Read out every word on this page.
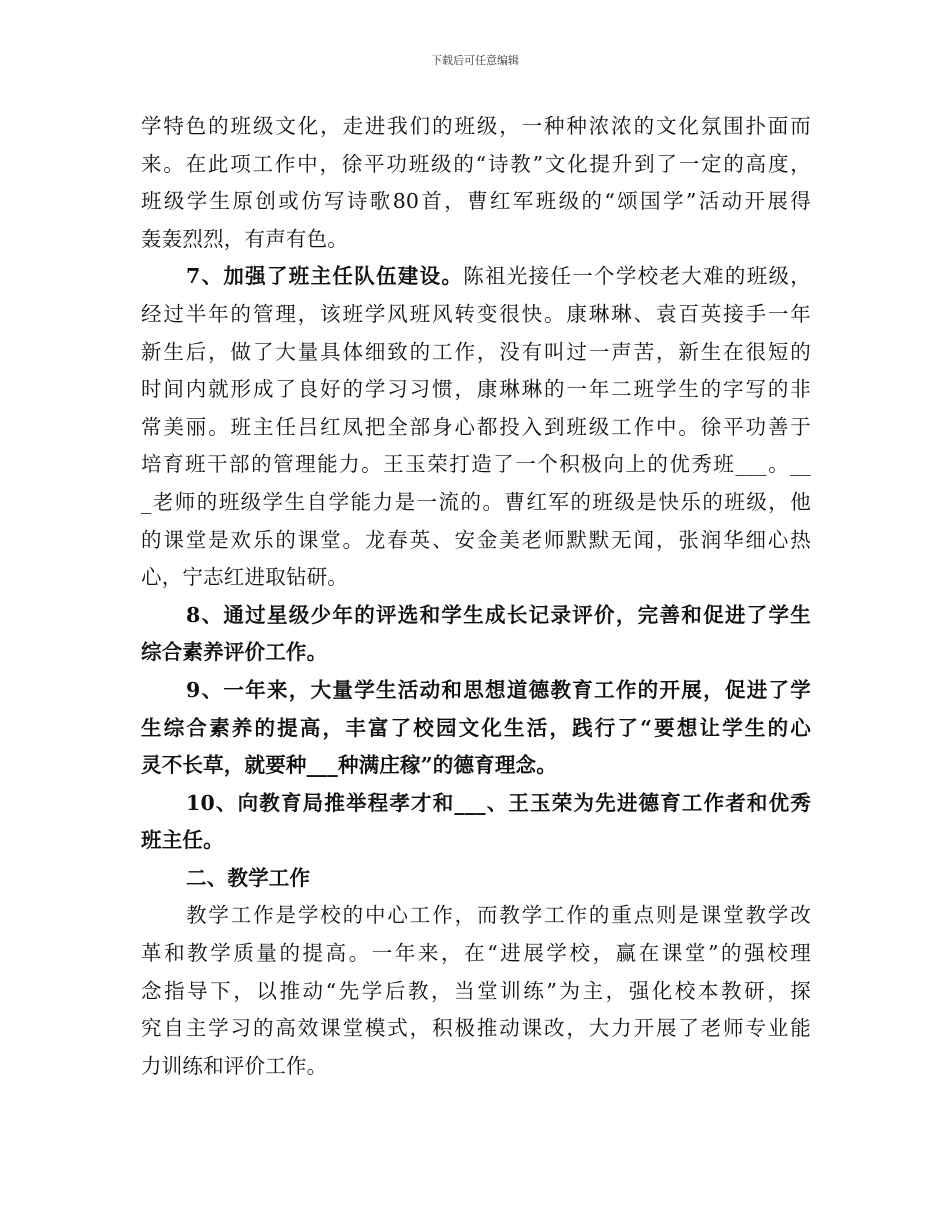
下载后可任意编辑
学特色的班级文化，走进我们的班级，一种种浓浓的文化氛围扑面而
来。在此项工作中，徐平功班级的“诗教”文化提升到了一定的高度，
班级学生原创或仿写诗歌80首，曹红军班级的“颂国学”活动开展得
轰轰烈烈，有声有色。
7、加强了班主任队伍建设。陈祖光接任一个学校老大难的班级，
经过半年的管理，该班学风班风转变很快。康琳琳、袁百英接手一年
新生后，做了大量具体细致的工作，没有叫过一声苦，新生在很短的
时间内就形成了良好的学习习惯，康琳琳的一年二班学生的字写的非
常美丽。班主任吕红凤把全部身心都投入到班级工作中。徐平功善于
培育班干部的管理能力。王玉荣打造了一个积极向上的优秀班___。__
_老师的班级学生自学能力是一流的。曹红军的班级是快乐的班级，他
的课堂是欢乐的课堂。龙春英、安金美老师默默无闻，张润华细心热
心，宁志红进取钻研。
8、通过星级少年的评选和学生成长记录评价，完善和促进了学生
综合素养评价工作。
9、一年来，大量学生活动和思想道德教育工作的开展，促进了学
生综合素养的提高，丰富了校园文化生活，践行了“要想让学生的心
灵不长草，就要种___种满庄稼”的德育理念。
10、向教育局推举程孝才和___、王玉荣为先进德育工作者和优秀
班主任。
二、教学工作
教学工作是学校的中心工作，而教学工作的重点则是课堂教学改
革和教学质量的提高。一年来，在“进展学校，赢在课堂”的强校理
念指导下，以推动“先学后教，当堂训练”为主，强化校本教研，探
究自主学习的高效课堂模式，积极推动课改，大力开展了老师专业能
力训练和评价工作。
